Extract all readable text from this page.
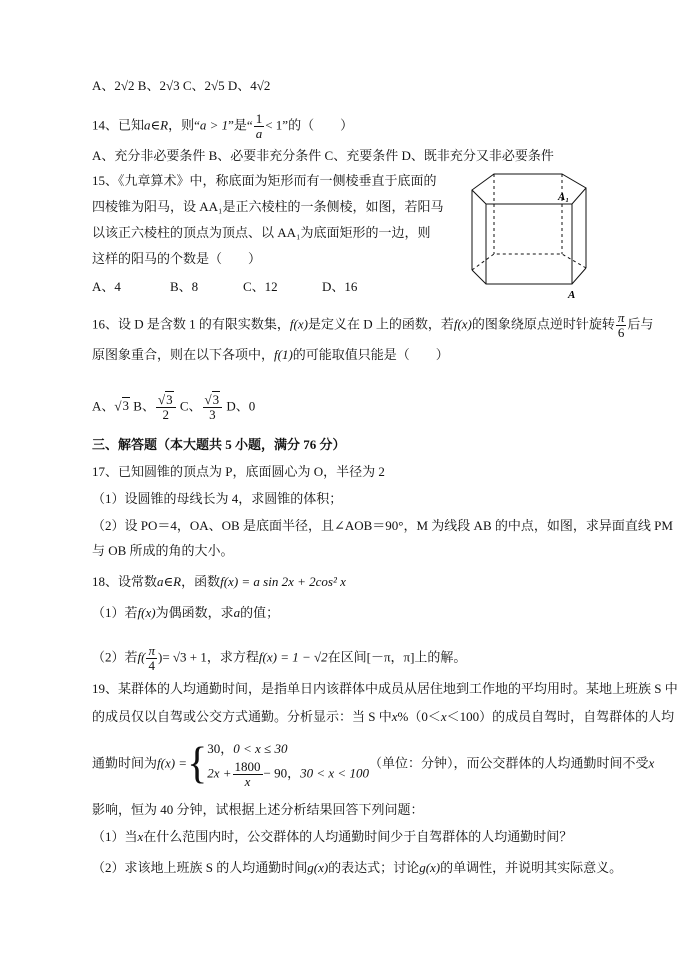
A、2√2 B、2√3 C、2√5 D、4√2
14、已知a∈R，则“a > 1”是“ $\frac{1}{a} < 1$”的（　　）
A、充分非必要条件 B、必要非充分条件 C、充要条件 D、既非充分又非必要条件
15、《九章算术》中，称底面为矩形而有一侧棱垂直于底面的
四棱锥为阳马，设 AA₁是正六棱柱的一条侧棱，如图，若阳马
以该正六棱柱的顶点为顶点、以 AA₁为底面矩形的一边，则
这样的阳马的个数是（　　）
A、4	B、8	C、12	D、16
A₁
A
16、设 D 是含数 1 的有限实数集，f(x)是定义在 D 上的函数，若f(x)的图象绕原点逆时针旋转 $\frac{\pi}{6}$ 后与
原图象重合，则在以下各项中，f(1)的可能取值只能是（　　）
A、√3 B、 $\frac{√3}{2}$ C、 $\frac{√3}{3}$ D、0
三、解答题（本大题共 5 小题，满分 76 分）
17、已知圆锥的顶点为 P，底面圆心为 O，半径为 2
（1）设圆锥的母线长为 4，求圆锥的体积；
（2）设 PO＝4，OA、OB 是底面半径，且∠AOB＝90°，M 为线段 AB 的中点，如图，求异面直线 PM
与 OB 所成的角的大小。
18、设常数a∈R，函数f(x) = a sin 2x + 2cos² x
（1）若f(x)为偶函数，求a的值；
（2）若$f( \frac{\pi}{4}$ )= √3 + 1，求方程f(x) = 1 − √2在区间[－π，π]上的解。
19、某群体的人均通勤时间，是指单日内该群体中成员从居住地到工作地的平均用时。某地上班族 S 中
的成员仅以自驾或公交方式通勤。分析显示：当 S 中x%（0＜x＜100）的成员自驾时，自驾群体的人均
通勤时间为f(x) ={ 30，0 < x ≤ 30
$2x + \frac{1800}{x} - 90$，30 < x < 100
（单位：分钟），而公交群体的人均通勤时间不受x
影响，恒为 40 分钟，试根据上述分析结果回答下列问题：
（1）当x在什么范围内时，公交群体的人均通勤时间少于自驾群体的人均通勤时间？
（2）求该地上班族 S 的人均通勤时间g(x)的表达式；讨论g(x)的单调性，并说明其实际意义。
